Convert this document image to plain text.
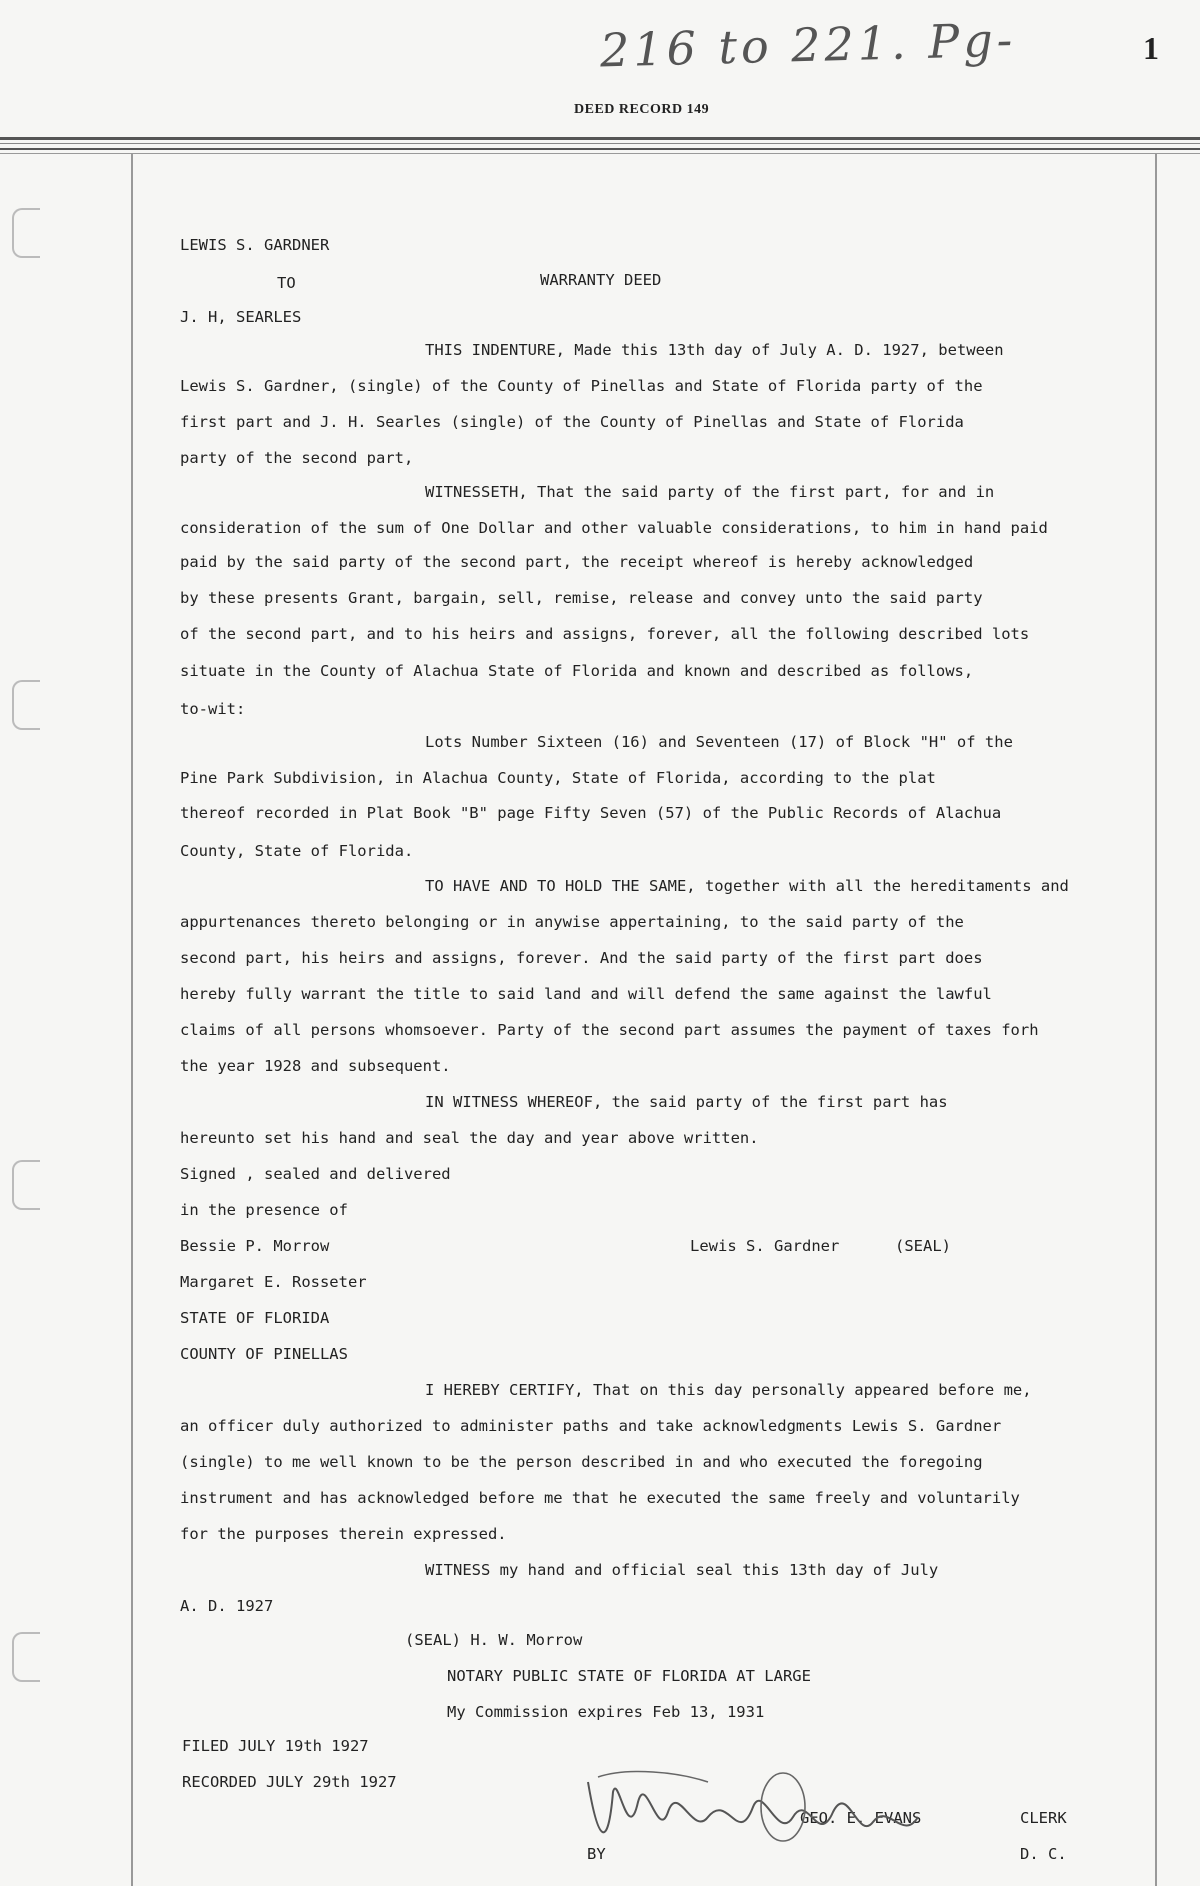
216 to 221. Pg-	1
DEED RECORD 149
LEWIS S. GARDNER
TO	WARRANTY DEED
J. H, SEARLES
THIS INDENTURE, Made this 13th day of July A. D. 1927, between
Lewis S. Gardner, (single) of the County of Pinellas and State of Florida party of the
first part and J. H. Searles (single) of the County of Pinellas and State of Florida
party of the second part,
WITNESSETH, That the said party of the first part, for and in
consideration of the sum of One Dollar and other valuable considerations, to him in hand paid
paid by the said party of the second part, the receipt whereof is hereby acknowledged
by these presents Grant, bargain, sell, remise, release and convey unto the said party
of the second part, and to his heirs and assigns, forever, all the following described lots
situate in the County of Alachua State of Florida and known and described as follows,
to-wit:
Lots Number Sixteen (16) and Seventeen (17) of Block "H" of the
Pine Park Subdivision, in Alachua County, State of Florida, according to the plat
thereof recorded in Plat Book "B" page Fifty Seven (57) of the Public Records of Alachua
County, State of Florida.
TO HAVE AND TO HOLD THE SAME, together with all the hereditaments and
appurtenances thereto belonging or in anywise appertaining, to the said party of the
second part, his heirs and assigns, forever. And the said party of the first part does
hereby fully warrant the title to said land and will defend the same against the lawful
claims of all persons whomsoever. Party of the second part assumes the payment of taxes forh
the year 1928 and subsequent.
IN WITNESS WHEREOF, the said party of the first part has
hereunto set his hand and seal the day and year above written.
Signed , sealed and delivered
in the presence of
Bessie P. Morrow	Lewis S. Gardner	(SEAL)
Margaret E. Rosseter
STATE OF FLORIDA
COUNTY OF PINELLAS
I HEREBY CERTIFY, That on this day personally appeared before me,
an officer duly authorized to administer paths and take acknowledgments Lewis S. Gardner
(single) to me well known to be the person described in and who executed the foregoing
instrument and has acknowledged before me that he executed the same freely and voluntarily
for the purposes therein expressed.
WITNESS my hand and official seal this 13th day of July
A. D. 1927
(SEAL) H. W. Morrow
NOTARY PUBLIC STATE OF FLORIDA AT LARGE
My Commission expires Feb 13, 1931
FILED JULY 19th 1927
RECORDED JULY 29th 1927
GEO. E. EVANS	CLERK
BY	D. C.
